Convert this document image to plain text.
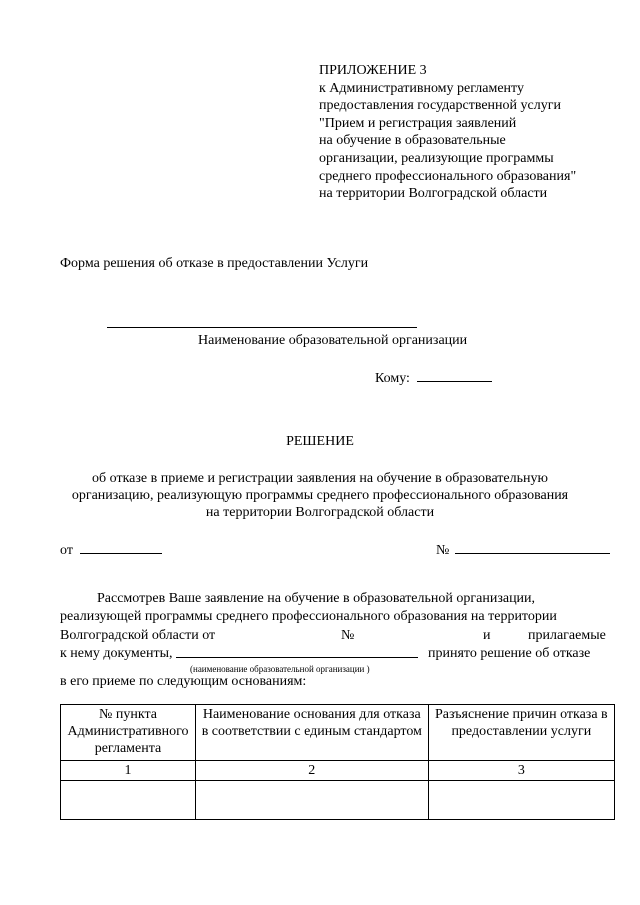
ПРИЛОЖЕНИЕ 3
к Административному регламенту
предоставления государственной услуги
"Прием и регистрация заявлений
на обучение в образовательные
организации, реализующие программы
среднего профессионального образования"
на территории Волгоградской области
Форма решения об отказе в предоставлении Услуги
Наименование образовательной организации
Кому:
РЕШЕНИЕ
об отказе в приеме и регистрации заявления на обучение в образовательную
организацию, реализующую программы среднего профессионального образования
на территории Волгоградской области
от	№
Рассмотрев Ваше заявление на обучение в образовательной организации,
реализующей программы среднего профессионального образования на территории
Волгоградской области от	№	и	прилагаемые
к нему документы,	принято решение об отказе
(наименование образовательной организации )
в его приеме по следующим основаниям:
№ пункта Административного регламента	Наименование основания для отказа в соответствии с единым стандартом	Разъяснение причин отказа в предоставлении услуги
1	2	3
